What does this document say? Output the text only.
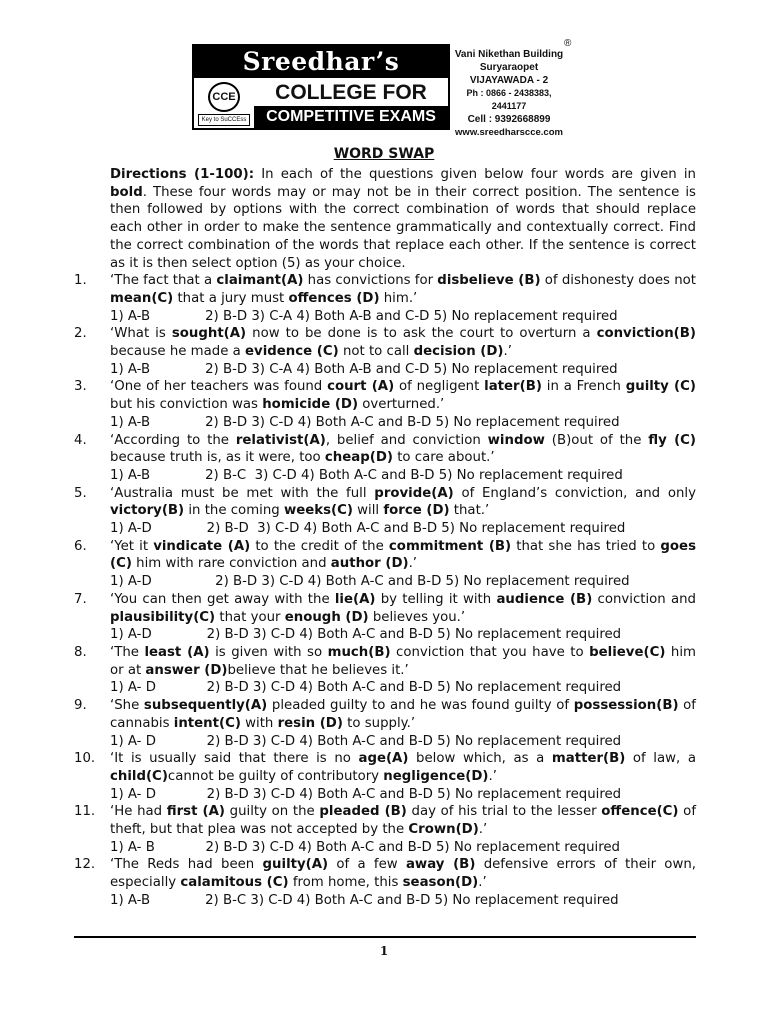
Sreedhar’s
CCE
Key to SuCCEss
COLLEGE FOR
COMPETITIVE EXAMS
Vani Nikethan Building
Suryaraopet
VIJAYAWADA - 2
Ph : 0866 - 2438383, 2441177
Cell : 9392668899
www.sreedharscce.com
®
WORD SWAP
Directions (1-100): In each of the questions given below four words are given in bold. These four words may or may not be in their correct position. The sentence is then followed by options with the correct combination of words that should replace each other in order to make the sentence grammatically and contextually correct. Find the correct combination of the words that replace each other. If the sentence is correct as it is then select option (5) as your choice.
1. ‘The fact that a claimant(A) has convictions for disbelieve (B) of dishonesty does not mean(C) that a jury must offences (D) him.’
1) A-B             2) B-D 3) C-A 4) Both A-B and C-D 5) No replacement required
2. ‘What is sought(A) now to be done is to ask the court to overturn a conviction(B) because he made a evidence (C) not to call decision (D).’
1) A-B             2) B-D 3) C-A 4) Both A-B and C-D 5) No replacement required
3. ‘One of her teachers was found court (A) of negligent later(B) in a French guilty (C) but his conviction was homicide (D) overturned.’
1) A-B             2) B-D 3) C-D 4) Both A-C and B-D 5) No replacement required
4. ‘According to the relativist(A), belief and conviction window (B)out of the fly (C) because truth is, as it were, too cheap(D) to care about.’
1) A-B             2) B-C  3) C-D 4) Both A-C and B-D 5) No replacement required
5. ‘Australia must be met with the full provide(A) of England’s conviction, and only victory(B) in the coming weeks(C) will force (D) that.’
1) A-D             2) B-D  3) C-D 4) Both A-C and B-D 5) No replacement required
6. ‘Yet it vindicate (A) to the credit of the commitment (B) that she has tried to goes (C) him with rare conviction and author (D).’
1) A-D               2) B-D 3) C-D 4) Both A-C and B-D 5) No replacement required
7. ‘You can then get away with the lie(A) by telling it with audience (B) conviction and plausibility(C) that your enough (D) believes you.’
1) A-D             2) B-D 3) C-D 4) Both A-C and B-D 5) No replacement required
8. ‘The least (A) is given with so much(B) conviction that you have to believe(C) him or at answer (D)believe that he believes it.’
1) A- D            2) B-D 3) C-D 4) Both A-C and B-D 5) No replacement required
9. ‘She subsequently(A) pleaded guilty to and he was found guilty of possession(B) of cannabis intent(C) with resin (D) to supply.’
1) A- D            2) B-D 3) C-D 4) Both A-C and B-D 5) No replacement required
10. ‘It is usually said that there is no age(A) below which, as a matter(B) of law, a child(C)cannot be guilty of contributory negligence(D).’
1) A- D            2) B-D 3) C-D 4) Both A-C and B-D 5) No replacement required
11. ‘He had first (A) guilty on the pleaded (B) day of his trial to the lesser offence(C) of theft, but that plea was not accepted by the Crown(D).’
1) A- B            2) B-D 3) C-D 4) Both A-C and B-D 5) No replacement required
12. ‘The Reds had been guilty(A) of a few away (B) defensive errors of their own, especially calamitous (C) from home, this season(D).’
1) A-B             2) B-C 3) C-D 4) Both A-C and B-D 5) No replacement required
1
